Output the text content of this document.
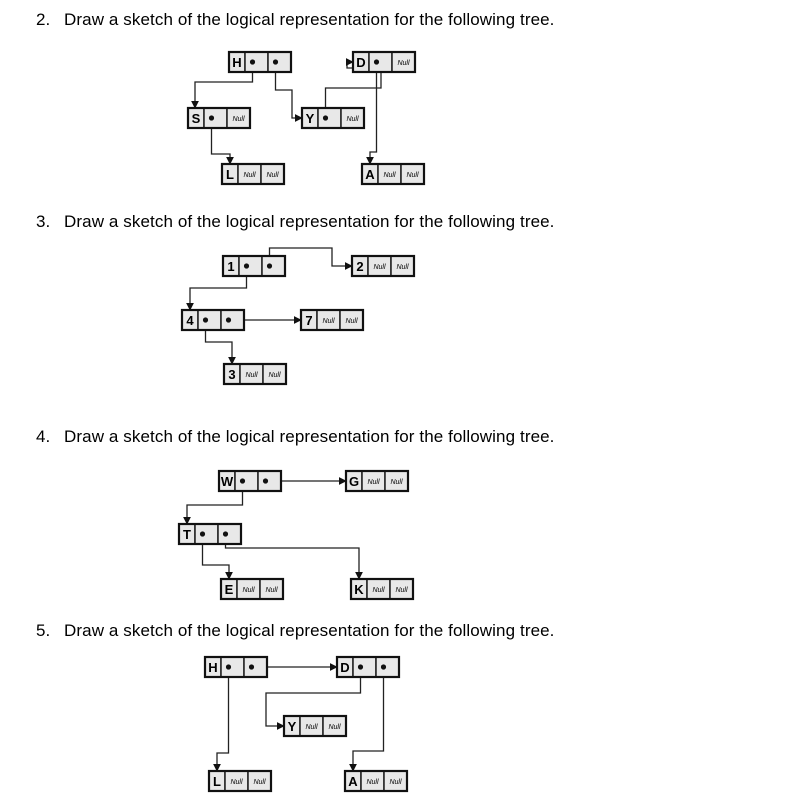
2. Draw a sketch of the logical representation for the following tree.
3. Draw a sketch of the logical representation for the following tree.
4. Draw a sketch of the logical representation for the following tree.
5. Draw a sketch of the logical representation for the following tree.
H	D	Null
S	Null	Y	Null
L Null Null	A Null Null
1	2 Null Null
4	7 Null Null
3 Null Null
W	G Null Null
T
E Null Null	K Null Null
H	D
Y Null Null
L Null Null	A Null Null
